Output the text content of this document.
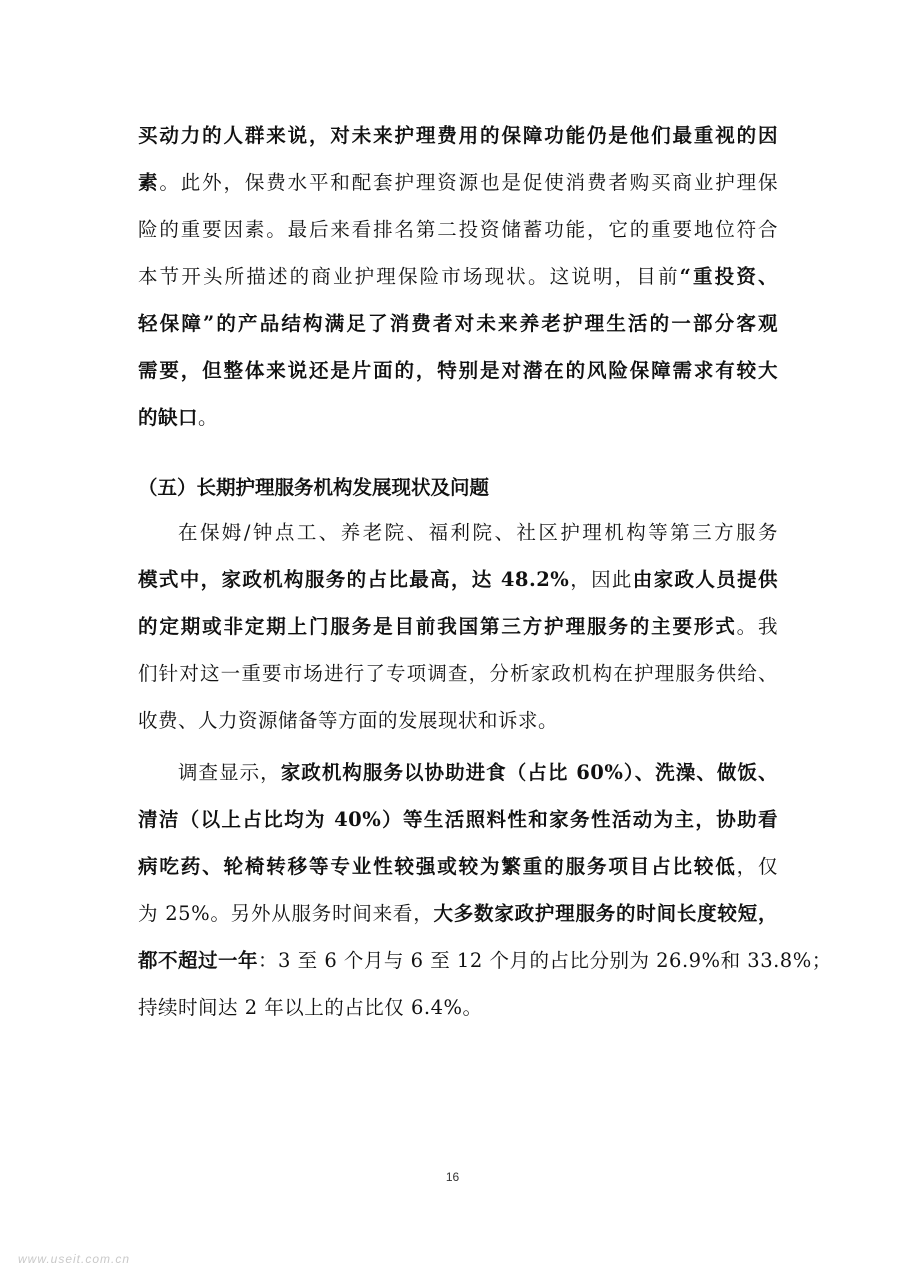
买动力的人群来说，对未来护理费用的保障功能仍是他们最重视的因
素。此外，保费水平和配套护理资源也是促使消费者购买商业护理保
险的重要因素。最后来看排名第二投资储蓄功能，它的重要地位符合
本节开头所描述的商业护理保险市场现状。这说明，目前“重投资、
轻保障”的产品结构满足了消费者对未来养老护理生活的一部分客观
需要，但整体来说还是片面的，特别是对潜在的风险保障需求有较大
的缺口。
（五）长期护理服务机构发展现状及问题
在保姆/钟点工、养老院、福利院、社区护理机构等第三方服务
模式中，家政机构服务的占比最高，达 48.2%，因此由家政人员提供
的定期或非定期上门服务是目前我国第三方护理服务的主要形式。我
们针对这一重要市场进行了专项调查，分析家政机构在护理服务供给、
收费、人力资源储备等方面的发展现状和诉求。
调查显示，家政机构服务以协助进食（占比 60%）、洗澡、做饭、
清洁（以上占比均为 40%）等生活照料性和家务性活动为主，协助看
病吃药、轮椅转移等专业性较强或较为繁重的服务项目占比较低，仅
为 25%。另外从服务时间来看，大多数家政护理服务的时间长度较短，
都不超过一年：3 至 6 个月与 6 至 12 个月的占比分别为 26.9%和 33.8%；
持续时间达 2 年以上的占比仅 6.4%。
16
www.useit.com.cn
